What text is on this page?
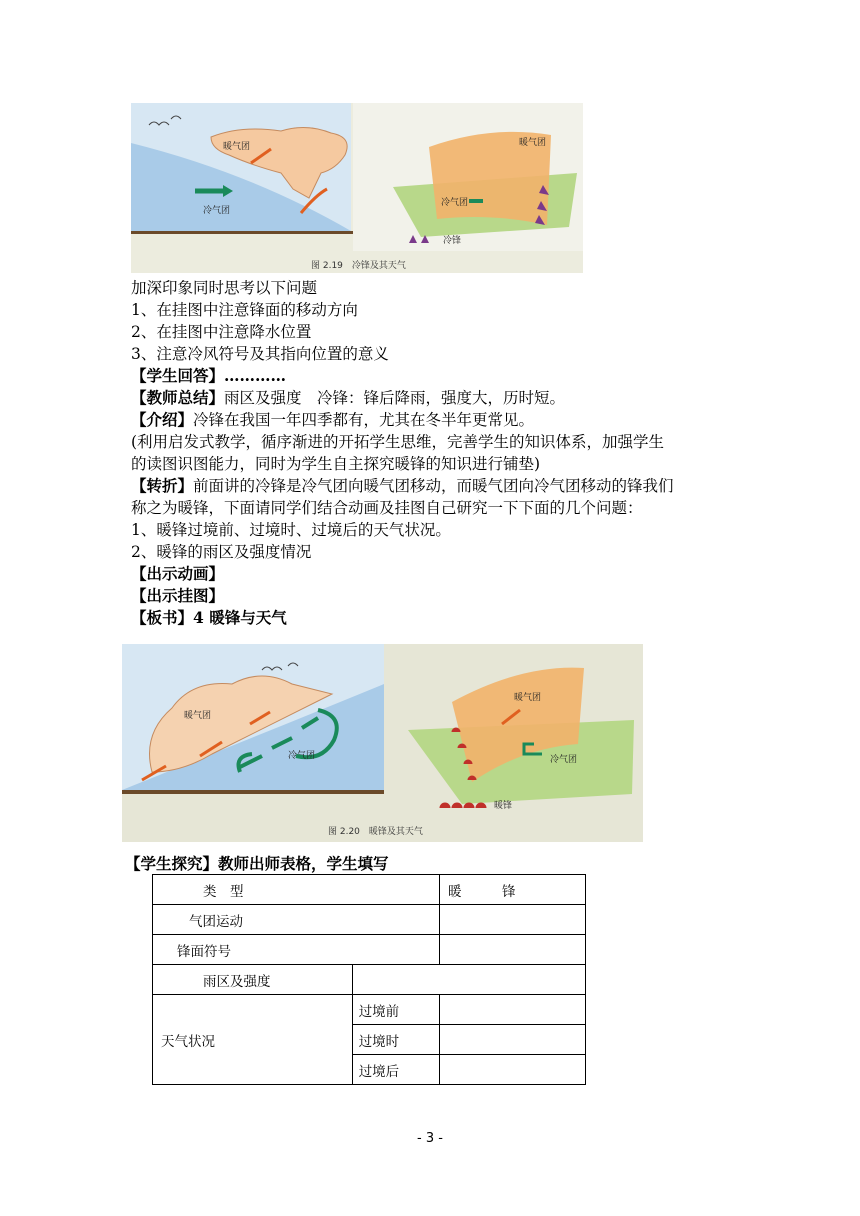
暖气团
冷气团
暖气团
冷气团
冷锋
图 2.19　冷锋及其天气
加深印象同时思考以下问题
1、在挂图中注意锋面的移动方向
2、在挂图中注意降水位置
3、注意冷风符号及其指向位置的意义
【学生回答】…………
【教师总结】雨区及强度　冷锋：锋后降雨，强度大，历时短。
【介绍】冷锋在我国一年四季都有，尤其在冬半年更常见。
(利用启发式教学，循序渐进的开拓学生思维，完善学生的知识体系，加强学生
的读图识图能力，同时为学生自主探究暖锋的知识进行铺垫)
【转折】前面讲的冷锋是冷气团向暖气团移动，而暖气团向冷气团移动的锋我们
称之为暖锋，下面请同学们结合动画及挂图自己研究一下下面的几个问题：
1、暖锋过境前、过境时、过境后的天气状况。
2、暖锋的雨区及强度情况
【出示动画】
【出示挂图】
【板书】4 暖锋与天气
暖气团
冷气团
暖气团
冷气团
暖锋
图 2.20　暖锋及其天气
【学生探究】教师出师表格，学生填写
类　型		暖　　　锋
气团运动		
锋面符号		
雨区及强度		
天气状况	过境前	
	过境时	
	过境后	
- 3 -
